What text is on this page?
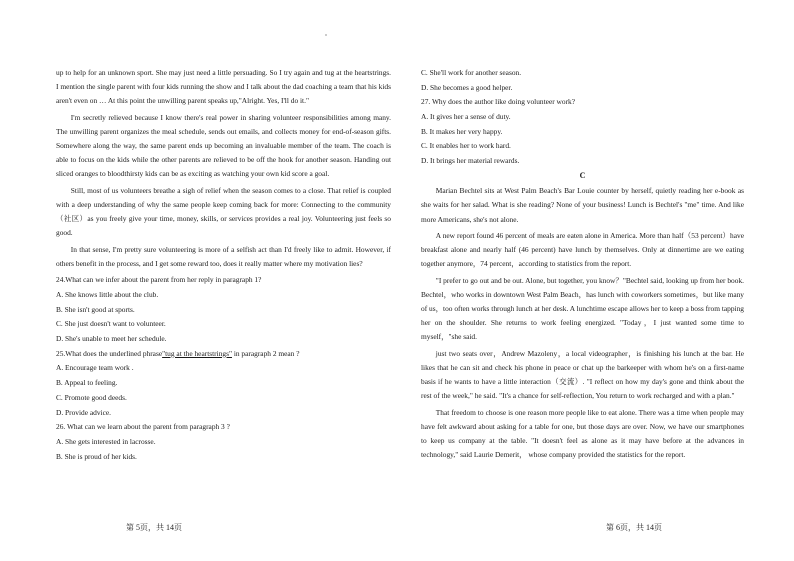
up to help for an unknown sport. She may just need a little persuading. So I try again and tug at the heartstrings. I mention the single parent with four kids running the show and I talk about the dad coaching a team that his kids aren't even on … At this point the unwilling parent speaks up,"Alright. Yes, I'll do it."

I'm secretly relieved because I know there's real power in sharing volunteer responsibilities among many. The unwilling parent organizes the meal schedule, sends out emails, and collects money for end-of-season gifts. Somewhere along the way, the same parent ends up becoming an invaluable member of the team. The coach is able to focus on the kids while the other parents are relieved to be off the hook for another season. Handing out sliced oranges to bloodthirsty kids can be as exciting as watching your own kid score a goal.

Still, most of us volunteers breathe a sigh of relief when the season comes to a close. That relief is coupled with a deep understanding of why the same people keep coming back for more: Connecting to the community（社区）as you freely give your time, money, skills, or services provides a real joy. Volunteering just feels so good.

In that sense, I'm pretty sure volunteering is more of a selfish act than I'd freely like to admit. However, if others benefit in the process, and I get some reward too, does it really matter where my motivation lies?

24.What can we infer about the parent from her reply in paragraph 1?

A. She knows little about the club.

B. She isn't good at sports.

C. She just doesn't want to volunteer.

D. She's unable to meet her schedule.

25.What does the underlined phrase"tug at the heartstrings" in paragraph 2 mean ?

A. Encourage team work .

B. Appeal to feeling.

C. Promote good deeds.

D. Provide advice.

26. What can we learn about the parent from paragraph 3 ?

A. She gets interested in lacrosse.

B. She is proud of her kids.

C. She'll work for another season.

D. She becomes a good helper.

27. Why does the author like doing volunteer work?

A. It gives her a sense of duty.

B. It makes her very happy.

C. It enables her to work hard.

D. It brings her material rewards.

C

Marian Bechtel sits at West Palm Beach's Bar Louie counter by herself, quietly reading her e-book as she waits for her salad. What is she reading? None of your business! Lunch is Bechtel's "me" time. And like more Americans, she's not alone.

A new report found 46 percent of meals are eaten alone in America. More than half（53 percent）have breakfast alone and nearly half (46 percent) have lunch by themselves. Only at dinnertime are we eating together anymore，74 percent，according to statistics from the report.

"I prefer to go out and be out. Alone, but together, you know？"Bechtel said, looking up from her book. Bechtel，who works in downtown West Palm Beach，has lunch with coworkers sometimes，but like many of us，too often works through lunch at her desk. A lunchtime escape allows her to keep a boss from tapping her on the shoulder. She returns to work feeling energized. "Today，I just wanted some time to myself，"she said.

just two seats over，Andrew Mazoleny，a local videographer，is finishing his lunch at the bar. He likes that he can sit and check his phone in peace or chat up the barkeeper with whom he's on a first-name basis if he wants to have a little interaction（交流）. "I reflect on how my day's gone and think about the rest of the week," he said. "It's a chance for self-reflection, You return to work recharged and with a plan."

That freedom to choose is one reason more people like to eat alone. There was a time when people may have felt awkward about asking for a table for one, but those days are over. Now, we have our smartphones to keep us company at the table. "It doesn't feel as alone as it may have before at the advances in technology," said Laurie Demerit， whose company provided the statistics for the report.

第 5页，共 14页	第 6页，共 14页
